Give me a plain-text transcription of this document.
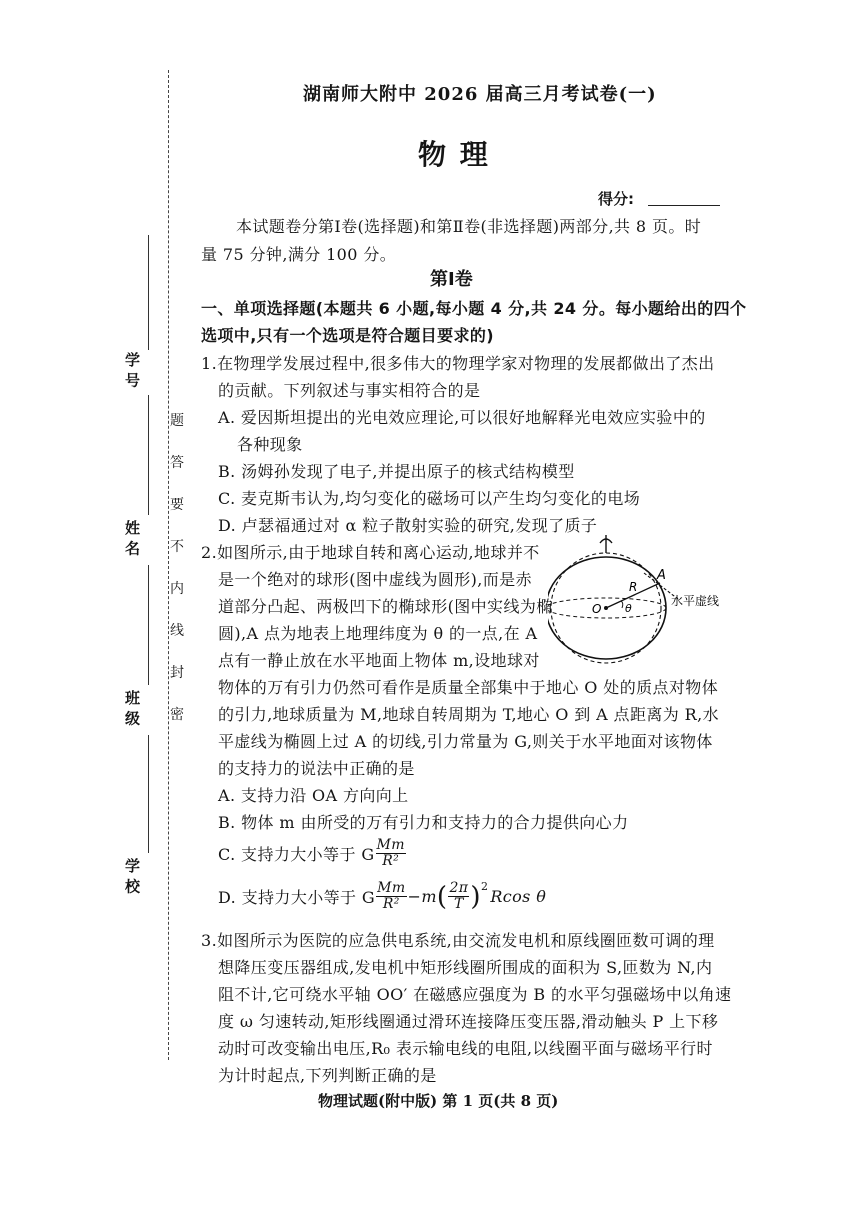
学 号
姓 名
班 级
学 校
题
答
要
不
内
线
封
密
湖南师大附中 2026 届高三月考试卷(一)
物 理
得分:
本试题卷分第Ⅰ卷(选择题)和第Ⅱ卷(非选择题)两部分,共 8 页。时
量 75 分钟,满分 100 分。
第Ⅰ卷
一、单项选择题(本题共 6 小题,每小题 4 分,共 24 分。每小题给出的四个
选项中,只有一个选项是符合题目要求的)
1.在物理学发展过程中,很多伟大的物理学家对物理的发展都做出了杰出
的贡献。下列叙述与事实相符合的是
A. 爱因斯坦提出的光电效应理论,可以很好地解释光电效应实验中的
各种现象
B. 汤姆孙发现了电子,并提出原子的核式结构模型
C. 麦克斯韦认为,均匀变化的磁场可以产生均匀变化的电场
D. 卢瑟福通过对 α 粒子散射实验的研究,发现了质子
2.如图所示,由于地球自转和离心运动,地球并不
是一个绝对的球形(图中虚线为圆形),而是赤
道部分凸起、两极凹下的椭球形(图中实线为椭
圆),A 点为地表上地理纬度为 θ 的一点,在 A
点有一静止放在水平地面上物体 m,设地球对
R
A
O θ
水平虚线
物体的万有引力仍然可看作是质量全部集中于地心 O 处的质点对物体
的引力,地球质量为 M,地球自转周期为 T,地心 O 到 A 点距离为 R,水
平虚线为椭圆上过 A 的切线,引力常量为 G,则关于水平地面对该物体
的支持力的说法中正确的是
A. 支持力沿 OA 方向向上
B. 物体 m 由所受的万有引力和支持力的合力提供向心力
C. 支持力大小等于 G $\frac{Mm}{\text{R²}}$
D. 支持力大小等于 G $\frac{Mm}{\text{R²}} -m$ ( $\frac{2\pi}{T}$ ) 2
Rcos θ
3.如图所示为医院的应急供电系统,由交流发电机和原线圈匝数可调的理
想降压变压器组成,发电机中矩形线圈所围成的面积为 S,匝数为 N,内
阻不计,它可绕水平轴 OO′ 在磁感应强度为 B 的水平匀强磁场中以角速
度 ω 匀速转动,矩形线圈通过滑环连接降压变压器,滑动触头 P 上下移
动时可改变输出电压,R₀ 表示输电线的电阻,以线圈平面与磁场平行时
为计时起点,下列判断正确的是
物理试题(附中版) 第 1 页(共 8 页)
